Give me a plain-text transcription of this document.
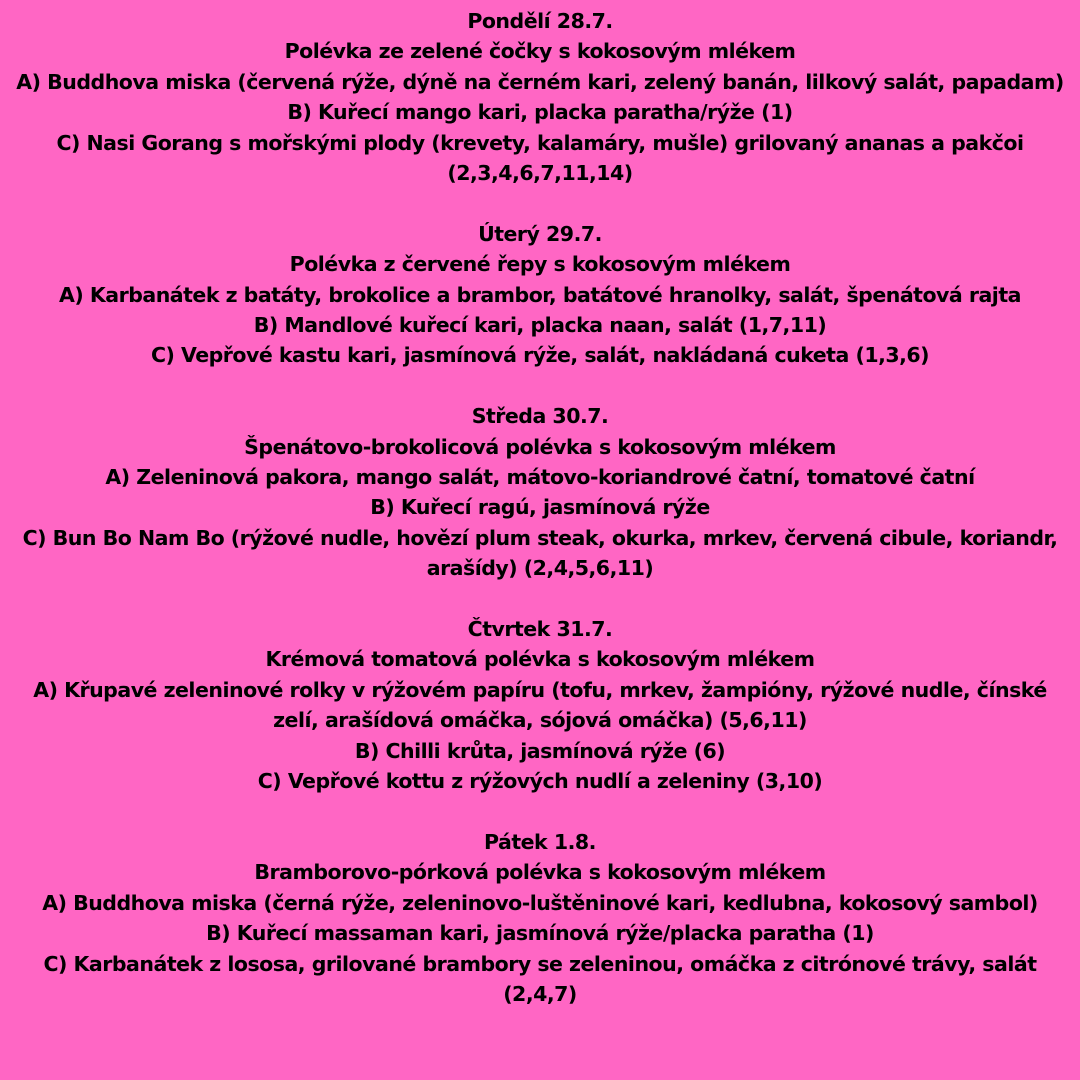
Pondělí 28.7.

Polévka ze zelené čočky s kokosovým mlékem

A) Buddhova miska (červená rýže, dýně na černém kari, zelený banán, lilkový salát, papadam)

B) Kuřecí mango kari, placka paratha/rýže (1)

C) Nasi Gorang s mořskými plody (krevety, kalamáry, mušle) grilovaný ananas a pakčoi (2,3,4,6,7,11,14)

Úterý 29.7.

Polévka z červené řepy s kokosovým mlékem

A) Karbanátek z batáty, brokolice a brambor, batátové hranolky, salát, špenátová rajta

B) Mandlové kuřecí kari, placka naan, salát (1,7,11)

C) Vepřové kastu kari, jasmínová rýže, salát, nakládaná cuketa (1,3,6)

Středa 30.7.

Špenátovo-brokolicová polévka s kokosovým mlékem

A) Zeleninová pakora, mango salát, mátovo-koriandrové čatní, tomatové čatní

B) Kuřecí ragú, jasmínová rýže

C) Bun Bo Nam Bo (rýžové nudle, hovězí plum steak, okurka, mrkev, červená cibule, koriandr, arašídy) (2,4,5,6,11)

Čtvrtek 31.7.

Krémová tomatová polévka s kokosovým mlékem

A) Křupavé zeleninové rolky v rýžovém papíru (tofu, mrkev, žampióny, rýžové nudle, čínské zelí, arašídová omáčka, sójová omáčka) (5,6,11)

B) Chilli krůta, jasmínová rýže (6)

C) Vepřové kottu z rýžových nudlí a zeleniny (3,10)

Pátek 1.8.

Bramborovo-pórková polévka s kokosovým mlékem

A) Buddhova miska (černá rýže, zeleninovo-luštěninové kari, kedlubna, kokosový sambol)

B) Kuřecí massaman kari, jasmínová rýže/placka paratha (1)

C) Karbanátek z lososa, grilované brambory se zeleninou, omáčka z citrónové trávy, salát (2,4,7)
